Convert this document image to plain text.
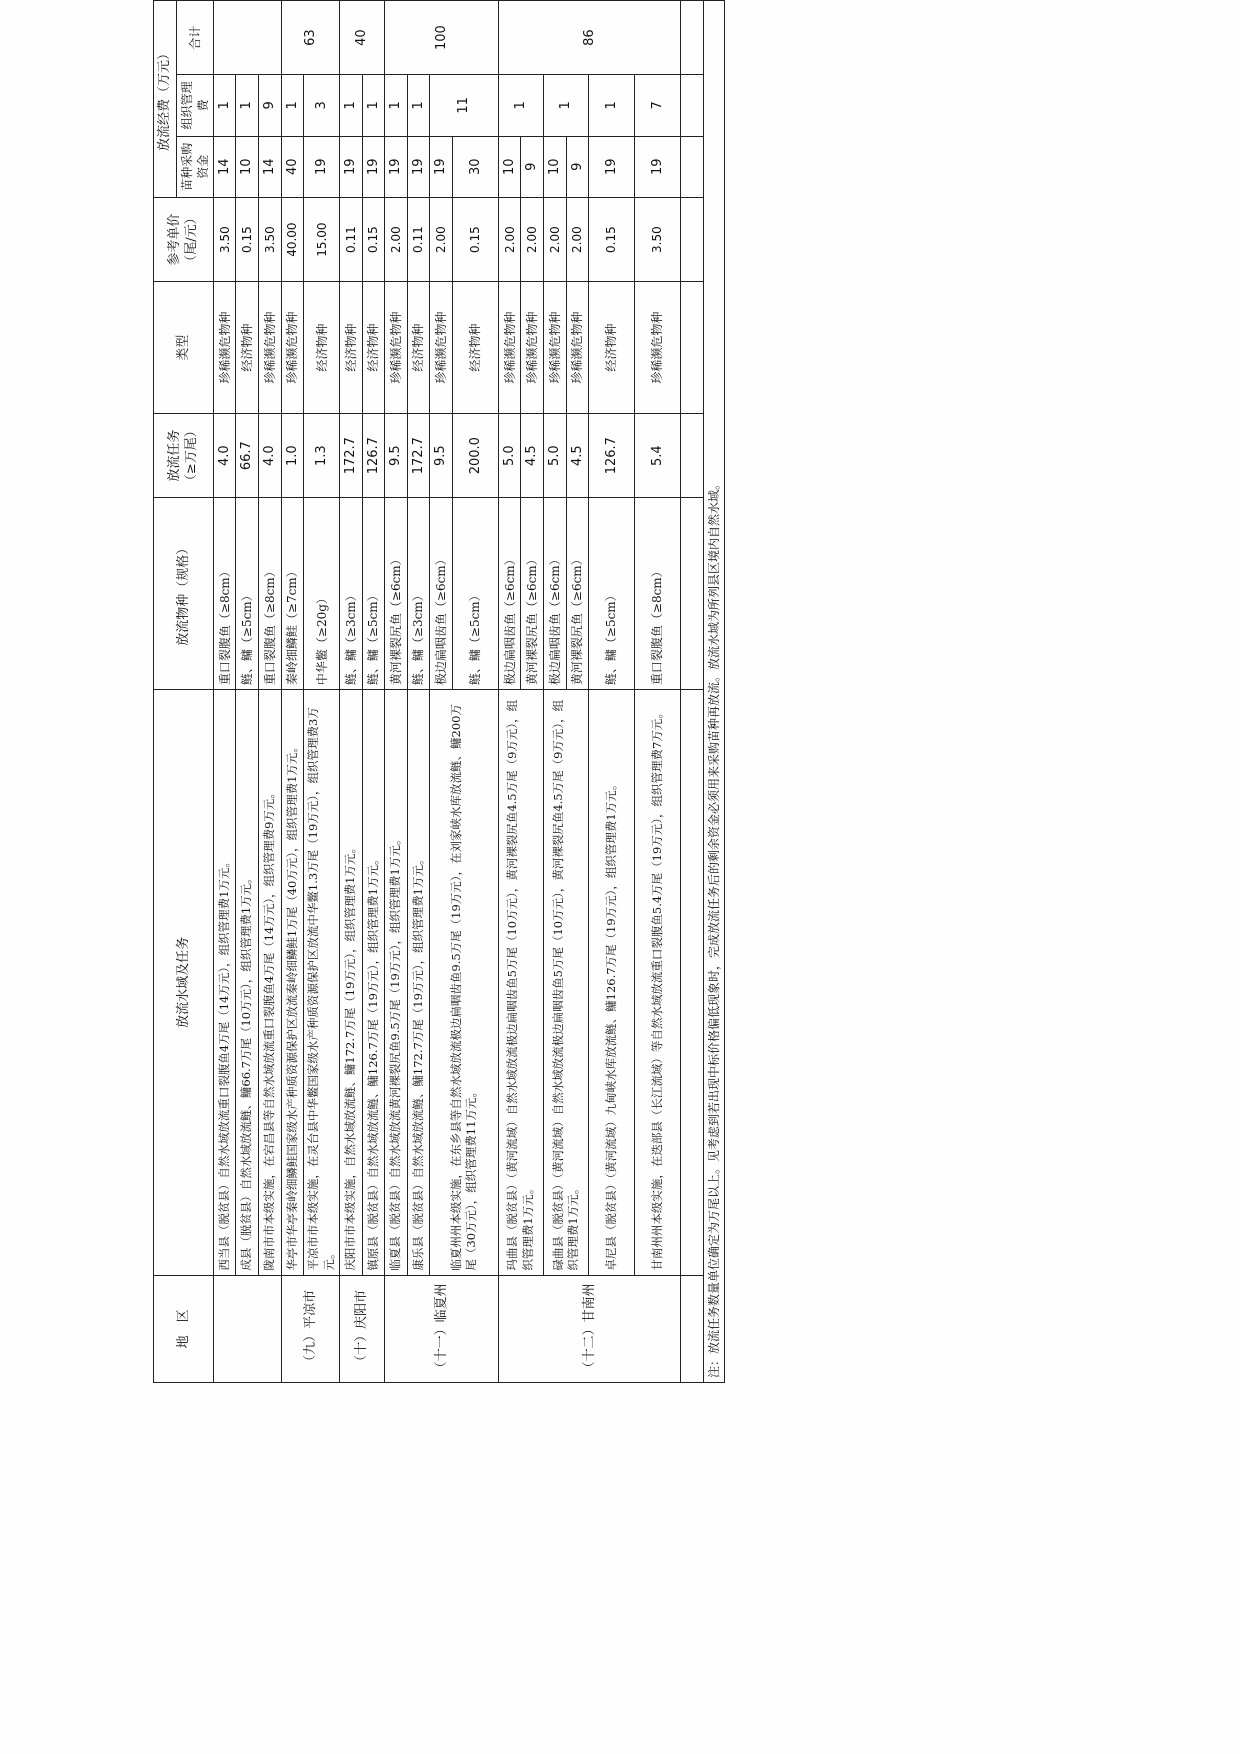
地　区	放流水域及任务	放流物种（规格）	放流任务（≥万尾）	类型	参考单价（尾/元）	放流经费（万元）		
						苗种采购资金	组织管理费	合计
	西当县（脱贫县）自然水域放流重口裂腹鱼4万尾（14万元），组织管理费1万元。	重口裂腹鱼（≥8cm）	4.0	珍稀濒危物种	3.50	14	1	
	成县（脱贫县）自然水域放流鲢、鳙66.7万尾（10万元），组织管理费1万元。	鲢、鳙（≥5cm）	66.7	经济物种	0.15	10	1	
	陇南市市本级实施，在宕昌县等自然水域放流重口裂腹鱼4万尾（14万元），组织管理费9万元。	重口裂腹鱼（≥8cm）	4.0	珍稀濒危物种	3.50	14	9	
（九）平凉市	华亭市华亭秦岭细鳞鲑国家级水产种质资源保护区放流秦岭细鳞鲑1万尾（40万元），组织管理费1万元。	秦岭细鳞鲑（≥7cm）	1.0	珍稀濒危物种	40.00	40	1	63
	平凉市市本级实施，在灵台县中华鳖国家级水产种质资源保护区放流中华鳖1.3万尾（19万元），组织管理费3万元。	中华鳖（≥20g）	1.3	经济物种	15.00	19	3	
（十）庆阳市	庆阳市市本级实施，自然水域放流鲢、鳙172.7万尾（19万元），组织管理费1万元。	鲢、鳙（≥3cm）	172.7	经济物种	0.11	19	1	40
	镇原县（脱贫县）自然水域放流鲢、鳙126.7万尾（19万元），组织管理费1万元。	鲢、鳙（≥5cm）	126.7	经济物种	0.15	19	1	
（十一）临夏州	临夏县（脱贫县）自然水域放流黄河裸裂尻鱼9.5万尾（19万元），组织管理费1万元。	黄河裸裂尻鱼（≥6cm）	9.5	珍稀濒危物种	2.00	19	1	100
	康乐县（脱贫县）自然水域放流鲢、鳙172.7万尾（19万元），组织管理费1万元。	鲢、鳙（≥3cm）	172.7	经济物种	0.11	19	1	
	临夏州州本级实施，在东乡县等自然水域放流极边扁咽齿鱼9.5万尾（19万元），在刘家峡水库放流鲢、鳙200万尾（30万元），组织管理费11万元。	极边扁咽齿鱼（≥6cm）	9.5	珍稀濒危物种	2.00	19	11	
		鲢、鳙（≥5cm）	200.0	经济物种	0.15	30		
（十二）甘南州	玛曲县（脱贫县）（黄河流域）自然水域放流极边扁咽齿鱼5万尾（10万元），黄河裸裂尻鱼4.5万尾（9万元），组织管理费1万元。	极边扁咽齿鱼（≥6cm）	5.0	珍稀濒危物种	2.00	10	1	86
		黄河裸裂尻鱼（≥6cm）	4.5	珍稀濒危物种	2.00	9		
	碌曲县（脱贫县）（黄河流域）自然水域放流极边扁咽齿鱼5万尾（10万元），黄河裸裂尻鱼4.5万尾（9万元），组织管理费1万元。	极边扁咽齿鱼（≥6cm）	5.0	珍稀濒危物种	2.00	10	1	
		黄河裸裂尻鱼（≥6cm）	4.5	珍稀濒危物种	2.00	9		
	卓尼县（脱贫县）（黄河流域）九甸峡水库放流鲢、鳙126.7万尾（19万元），组织管理费1万元。	鲢、鳙（≥5cm）	126.7	经济物种	0.15	19	1	
	甘南州州本级实施，在迭部县（长江流域）等自然水域放流重口裂腹鱼5.4万尾（19万元），组织管理费7万元。	重口裂腹鱼（≥8cm）	5.4	珍稀濒危物种	3.50	19	7	

注：放流任务数量单位确定为万尾以上。见考虑到若出现中标价格偏低现象时，完成放流任务后的剩余资金必须用来采购苗种再放流。放流水域为所列县区境内自然水域。								
